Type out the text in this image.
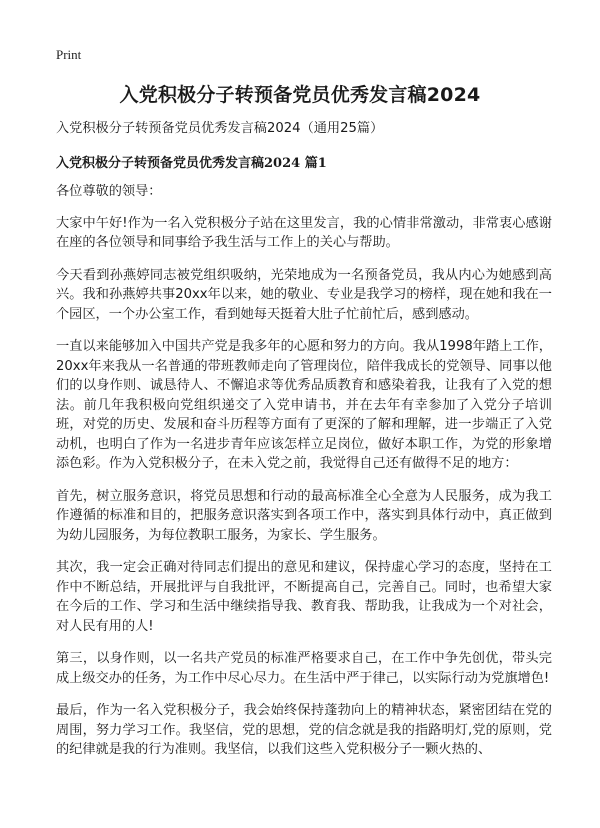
Print
入党积极分子转预备党员优秀发言稿2024

入党积极分子转预备党员优秀发言稿2024（通用25篇）

入党积极分子转预备党员优秀发言稿2024 篇1

各位尊敬的领导：

大家中午好!作为一名入党积极分子站在这里发言，我的心情非常激动，非常衷心感谢在座的各位领导和同事给予我生活与工作上的关心与帮助。

今天看到孙燕婷同志被党组织吸纳，光荣地成为一名预备党员，我从内心为她感到高兴。我和孙燕婷共事20xx年以来，她的敬业、专业是我学习的榜样，现在她和我在一个园区，一个办公室工作，看到她每天挺着大肚子忙前忙后，感到感动。

一直以来能够加入中国共产党是我多年的心愿和努力的方向。我从1998年踏上工作，20xx年来我从一名普通的带班教师走向了管理岗位，陪伴我成长的党领导、同事以他们的以身作则、诚恳待人、不懈追求等优秀品质教育和感染着我，让我有了入党的想法。前几年我积极向党组织递交了入党申请书，并在去年有幸参加了入党分子培训班，对党的历史、发展和奋斗历程等方面有了更深的了解和理解，进一步端正了入党动机，也明白了作为一名进步青年应该怎样立足岗位，做好本职工作，为党的形象增添色彩。作为入党积极分子，在未入党之前，我觉得自己还有做得不足的地方：

首先，树立服务意识，将党员思想和行动的最高标准全心全意为人民服务，成为我工作遵循的标准和目的，把服务意识落实到各项工作中，落实到具体行动中，真正做到为幼儿园服务，为每位教职工服务，为家长、学生服务。

其次，我一定会正确对待同志们提出的意见和建议，保持虚心学习的态度，坚持在工作中不断总结，开展批评与自我批评，不断提高自己，完善自己。同时，也希望大家在今后的工作、学习和生活中继续指导我、教育我、帮助我，让我成为一个对社会，对人民有用的人!

第三，以身作则，以一名共产党员的标准严格要求自己，在工作中争先创优，带头完成上级交办的任务，为工作中尽心尽力。在生活中严于律己，以实际行动为党旗增色!

最后，作为一名入党积极分子，我会始终保持蓬勃向上的精神状态，紧密团结在党的周围，努力学习工作。我坚信，党的思想，党的信念就是我的指路明灯,党的原则，党的纪律就是我的行为准则。我坚信，以我们这些入党积极分子一颗火热的、
